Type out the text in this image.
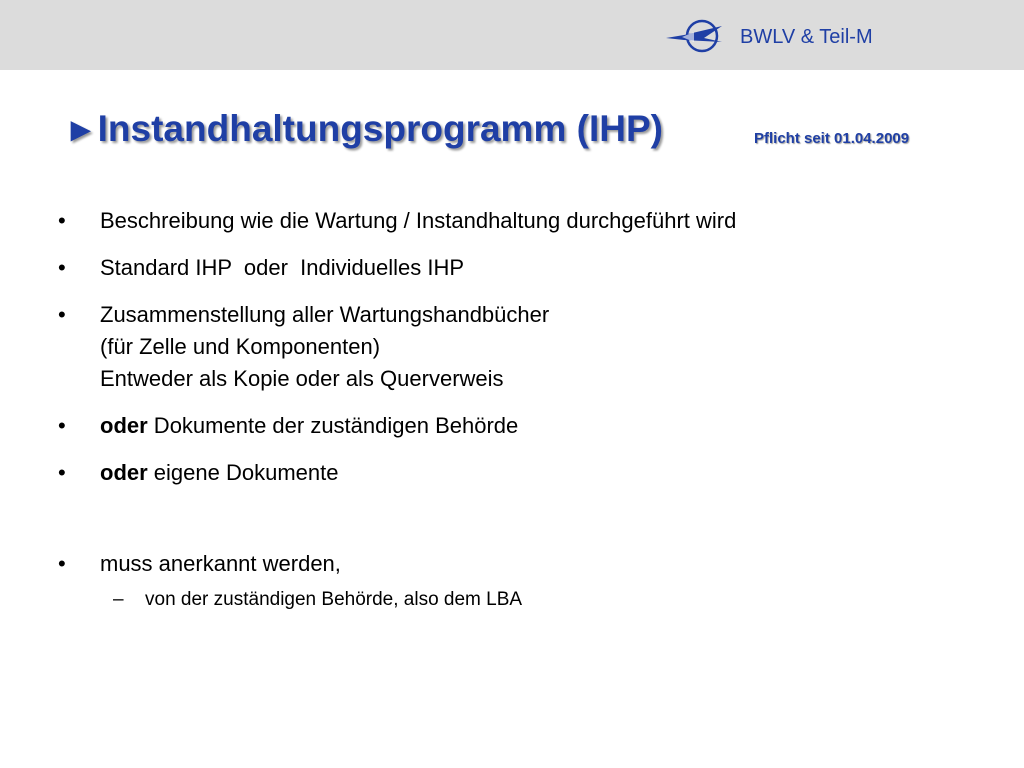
BWLV & Teil-M
►Instandhaltungsprogramm (IHP)	Pflicht seit 01.04.2009
•	Beschreibung wie die Wartung / Instandhaltung durchgeführt wird
•	Standard IHP  oder  Individuelles IHP
•	Zusammenstellung aller Wartungshandbücher
(für Zelle und Komponenten)
Entweder als Kopie oder als Querverweis
•	oder Dokumente der zuständigen Behörde
•	oder eigene Dokumente
•	muss anerkannt werden,
– von der zuständigen Behörde, also dem LBA
